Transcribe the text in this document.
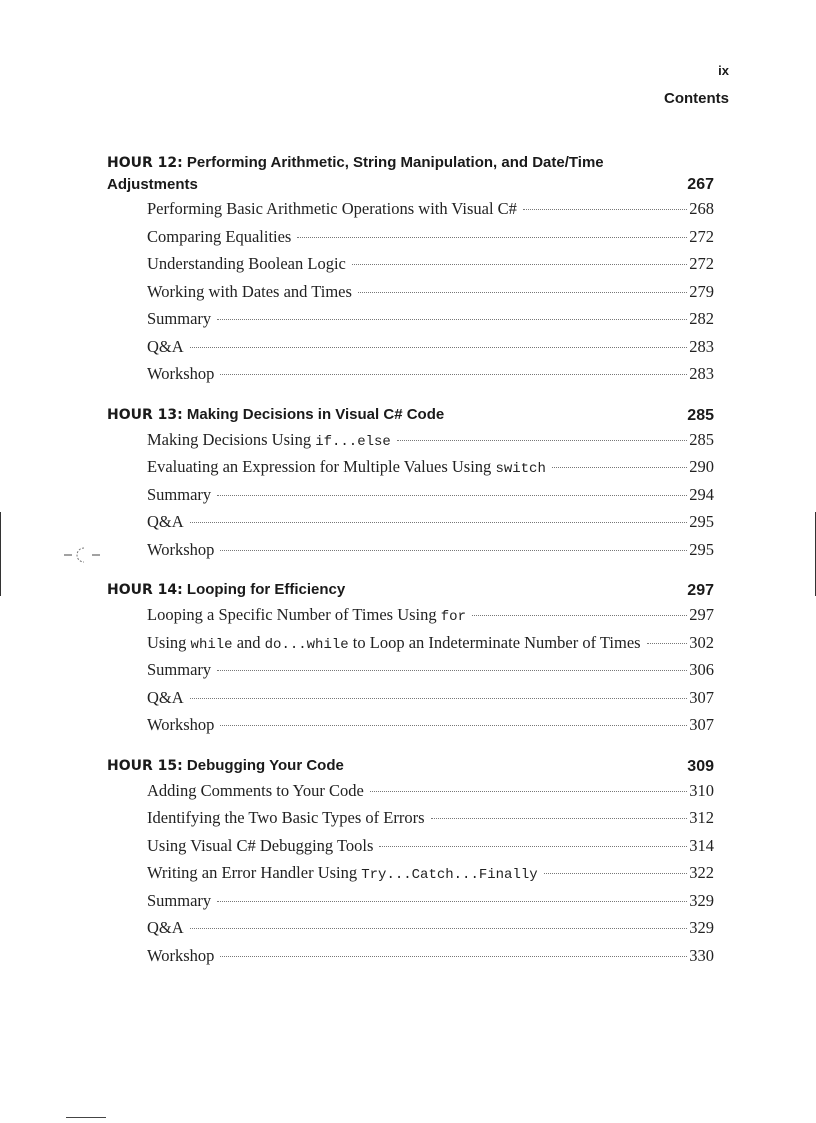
ix
Contents
HOUR 12: Performing Arithmetic, String Manipulation, and Date/Time
Adjustments	267
Performing Basic Arithmetic Operations with Visual C#	268
Comparing Equalities	272
Understanding Boolean Logic	272
Working with Dates and Times	279
Summary	282
Q&A	283
Workshop	283
HOUR 13: Making Decisions in Visual C# Code	285
Making Decisions Using if...else	285
Evaluating an Expression for Multiple Values Using switch	290
Summary	294
Q&A	295
Workshop	295
HOUR 14: Looping for Efficiency	297
Looping a Specific Number of Times Using for	297
Using while and do...while to Loop an Indeterminate Number of Times	302
Summary	306
Q&A	307
Workshop	307
HOUR 15: Debugging Your Code	309
Adding Comments to Your Code	310
Identifying the Two Basic Types of Errors	312
Using Visual C# Debugging Tools	314
Writing an Error Handler Using Try...Catch...Finally	322
Summary	329
Q&A	329
Workshop	330
